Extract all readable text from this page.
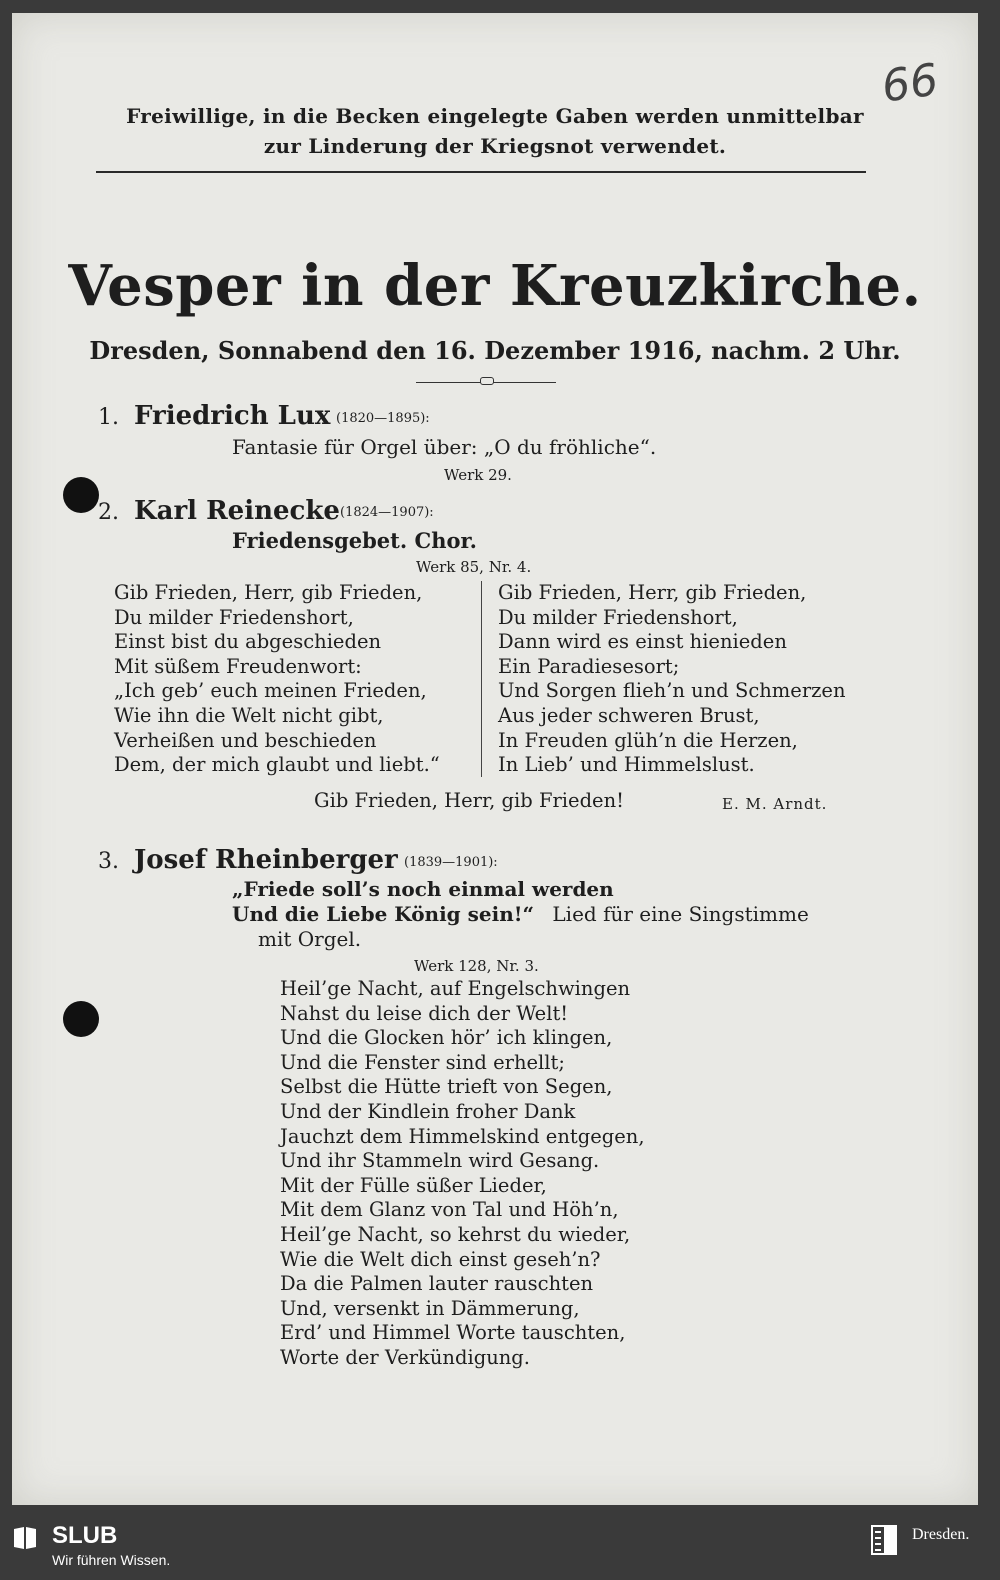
66
Freiwillige, in die Becken eingelegte Gaben werden unmittelbar
zur Linderung der Kriegsnot verwendet.
Vesper in der Kreuzkirche.
Dresden, Sonnabend den 16. Dezember 1916, nachm. 2 Uhr.
1. Friedrich Lux (1820—1895):
Fantasie für Orgel über: „O du fröhliche“.
Werk 29.
2. Karl Reinecke (1824—1907):
Friedensgebet. Chor.
Werk 85, Nr. 4.
Gib Frieden, Herr, gib Frieden,
Du milder Friedenshort,
Einst bist du abgeschieden
Mit süßem Freudenwort:
„Ich geb’ euch meinen Frieden,
Wie ihn die Welt nicht gibt,
Verheißen und beschieden
Dem, der mich glaubt und liebt.“
Gib Frieden, Herr, gib Frieden,
Du milder Friedenshort,
Dann wird es einst hienieden
Ein Paradiesesort;
Und Sorgen flieh’n und Schmerzen
Aus jeder schweren Brust,
In Freuden glüh’n die Herzen,
In Lieb’ und Himmelslust.
Gib Frieden, Herr, gib Frieden!	E. M. Arndt.
3. Josef Rheinberger (1839—1901):
„Friede soll’s noch einmal werden
Und die Liebe König sein!“ Lied für eine Singstimme
mit Orgel.
Werk 128, Nr. 3.
Heil’ge Nacht, auf Engelschwingen
Nahst du leise dich der Welt!
Und die Glocken hör’ ich klingen,
Und die Fenster sind erhellt;
Selbst die Hütte trieft von Segen,
Und der Kindlein froher Dank
Jauchzt dem Himmelskind entgegen,
Und ihr Stammeln wird Gesang.
Mit der Fülle süßer Lieder,
Mit dem Glanz von Tal und Höh’n,
Heil’ge Nacht, so kehrst du wieder,
Wie die Welt dich einst geseh’n?
Da die Palmen lauter rauschten
Und, versenkt in Dämmerung,
Erd’ und Himmel Worte tauschten,
Worte der Verkündigung.
SLUB
Wir führen Wissen.
Dresden.
